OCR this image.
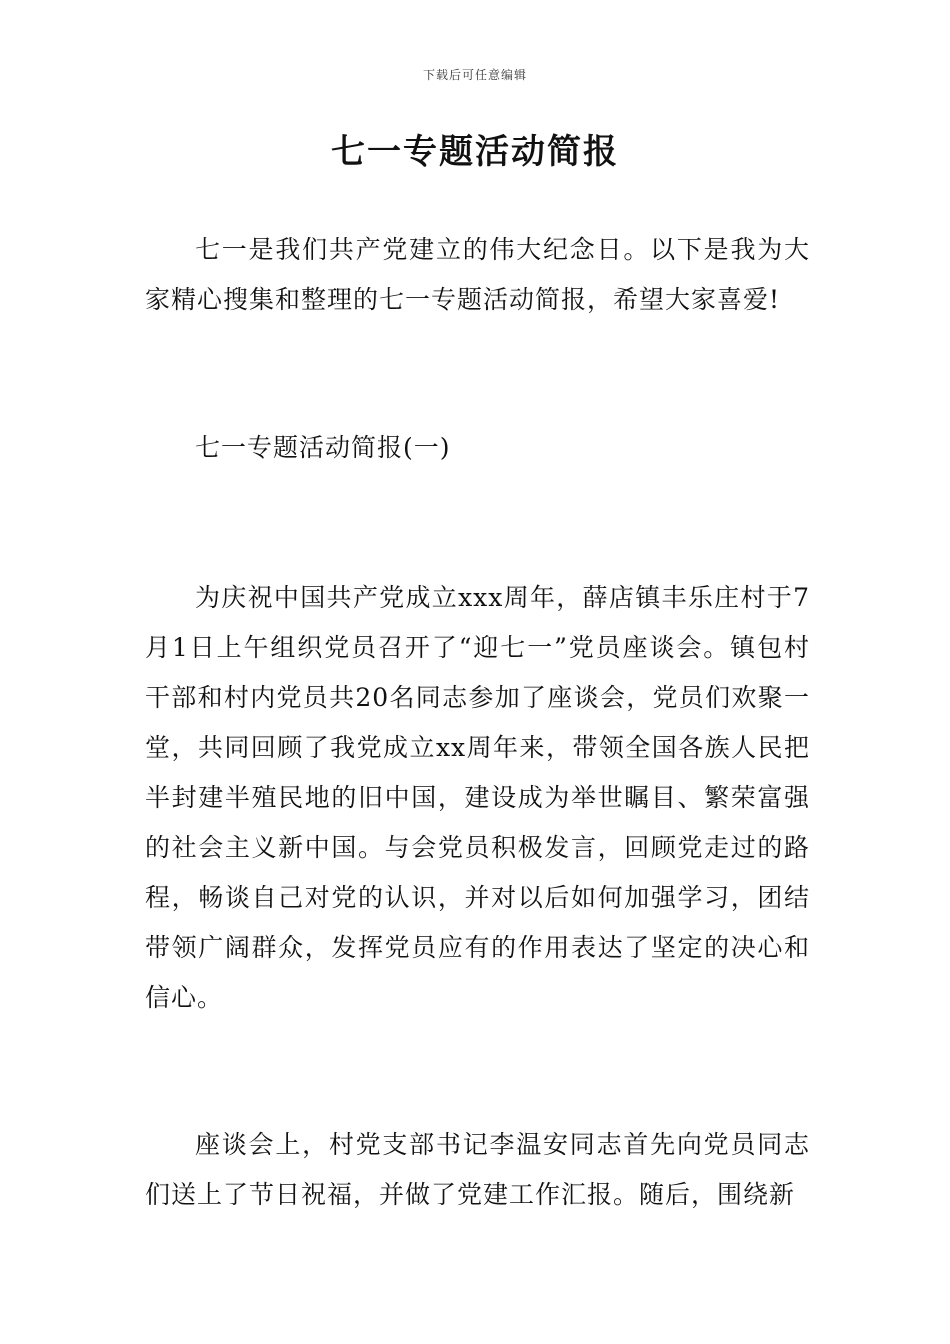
下载后可任意编辑
七一专题活动简报

七一是我们共产党建立的伟大纪念日。以下是我为大家精心搜集和整理的七一专题活动简报，希望大家喜爱!

七一专题活动简报(一)

为庆祝中国共产党成立xxx周年，薛店镇丰乐庄村于7月1日上午组织党员召开了“迎七一”党员座谈会。镇包村干部和村内党员共20名同志参加了座谈会，党员们欢聚一堂，共同回顾了我党成立xx周年来，带领全国各族人民把半封建半殖民地的旧中国，建设成为举世瞩目、繁荣富强的社会主义新中国。与会党员积极发言，回顾党走过的路程，畅谈自己对党的认识，并对以后如何加强学习，团结带领广阔群众，发挥党员应有的作用表达了坚定的决心和信心。

座谈会上，村党支部书记李温安同志首先向党员同志们送上了节日祝福，并做了党建工作汇报。随后，围绕新
